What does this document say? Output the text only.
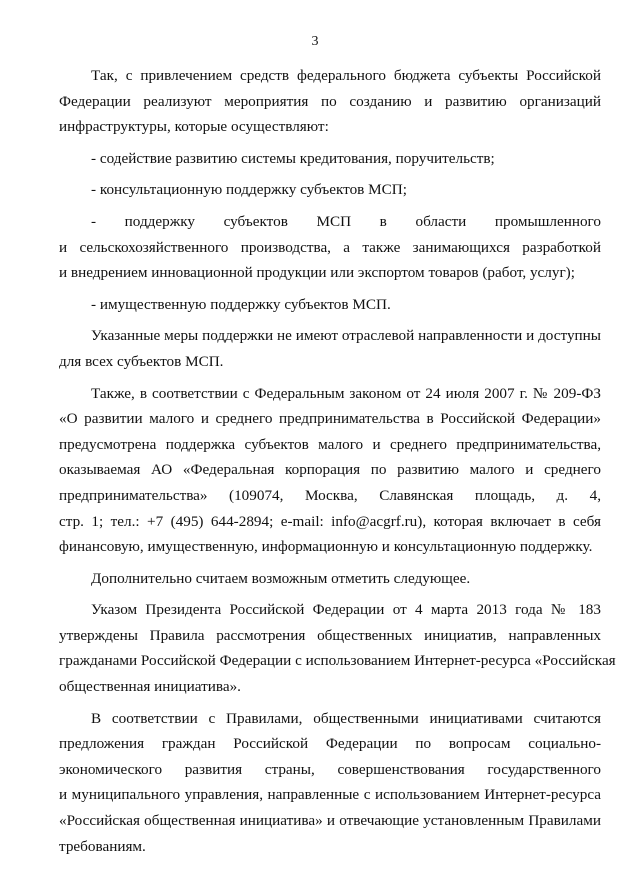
3
Так, с привлечением средств федерального бюджета субъекты Российской
Федерации реализуют мероприятия по созданию и развитию организаций
инфраструктуры, которые осуществляют:
- содействие развитию системы кредитования, поручительств;
- консультационную поддержку субъектов МСП;
- поддержку субъектов МСП в области промышленного
и сельскохозяйственного производства, а также занимающихся разработкой
и внедрением инновационной продукции или экспортом товаров (работ, услуг);
- имущественную поддержку субъектов МСП.
Указанные меры поддержки не имеют отраслевой направленности и доступны
для всех субъектов МСП.
Также, в соответствии с Федеральным законом от 24 июля 2007 г. № 209-ФЗ
«О развитии малого и среднего предпринимательства в Российской Федерации»
предусмотрена поддержка субъектов малого и среднего предпринимательства,
оказываемая АО «Федеральная корпорация по развитию малого и среднего
предпринимательства» (109074, Москва, Славянская площадь, д. 4,
стр. 1; тел.: +7 (495) 644-2894; e-mail: info@acgrf.ru), которая включает в себя
финансовую, имущественную, информационную и консультационную поддержку.
Дополнительно считаем возможным отметить следующее.
Указом Президента Российской Федерации от 4 марта 2013 года № 183
утверждены Правила рассмотрения общественных инициатив, направленных
гражданами Российской Федерации с использованием Интернет-ресурса «Российская
общественная инициатива».
В соответствии с Правилами, общественными инициативами считаются
предложения граждан Российской Федерации по вопросам социально-
экономического развития страны, совершенствования государственного
и муниципального управления, направленные с использованием Интернет-ресурса
«Российская общественная инициатива» и отвечающие установленным Правилами
требованиям.
